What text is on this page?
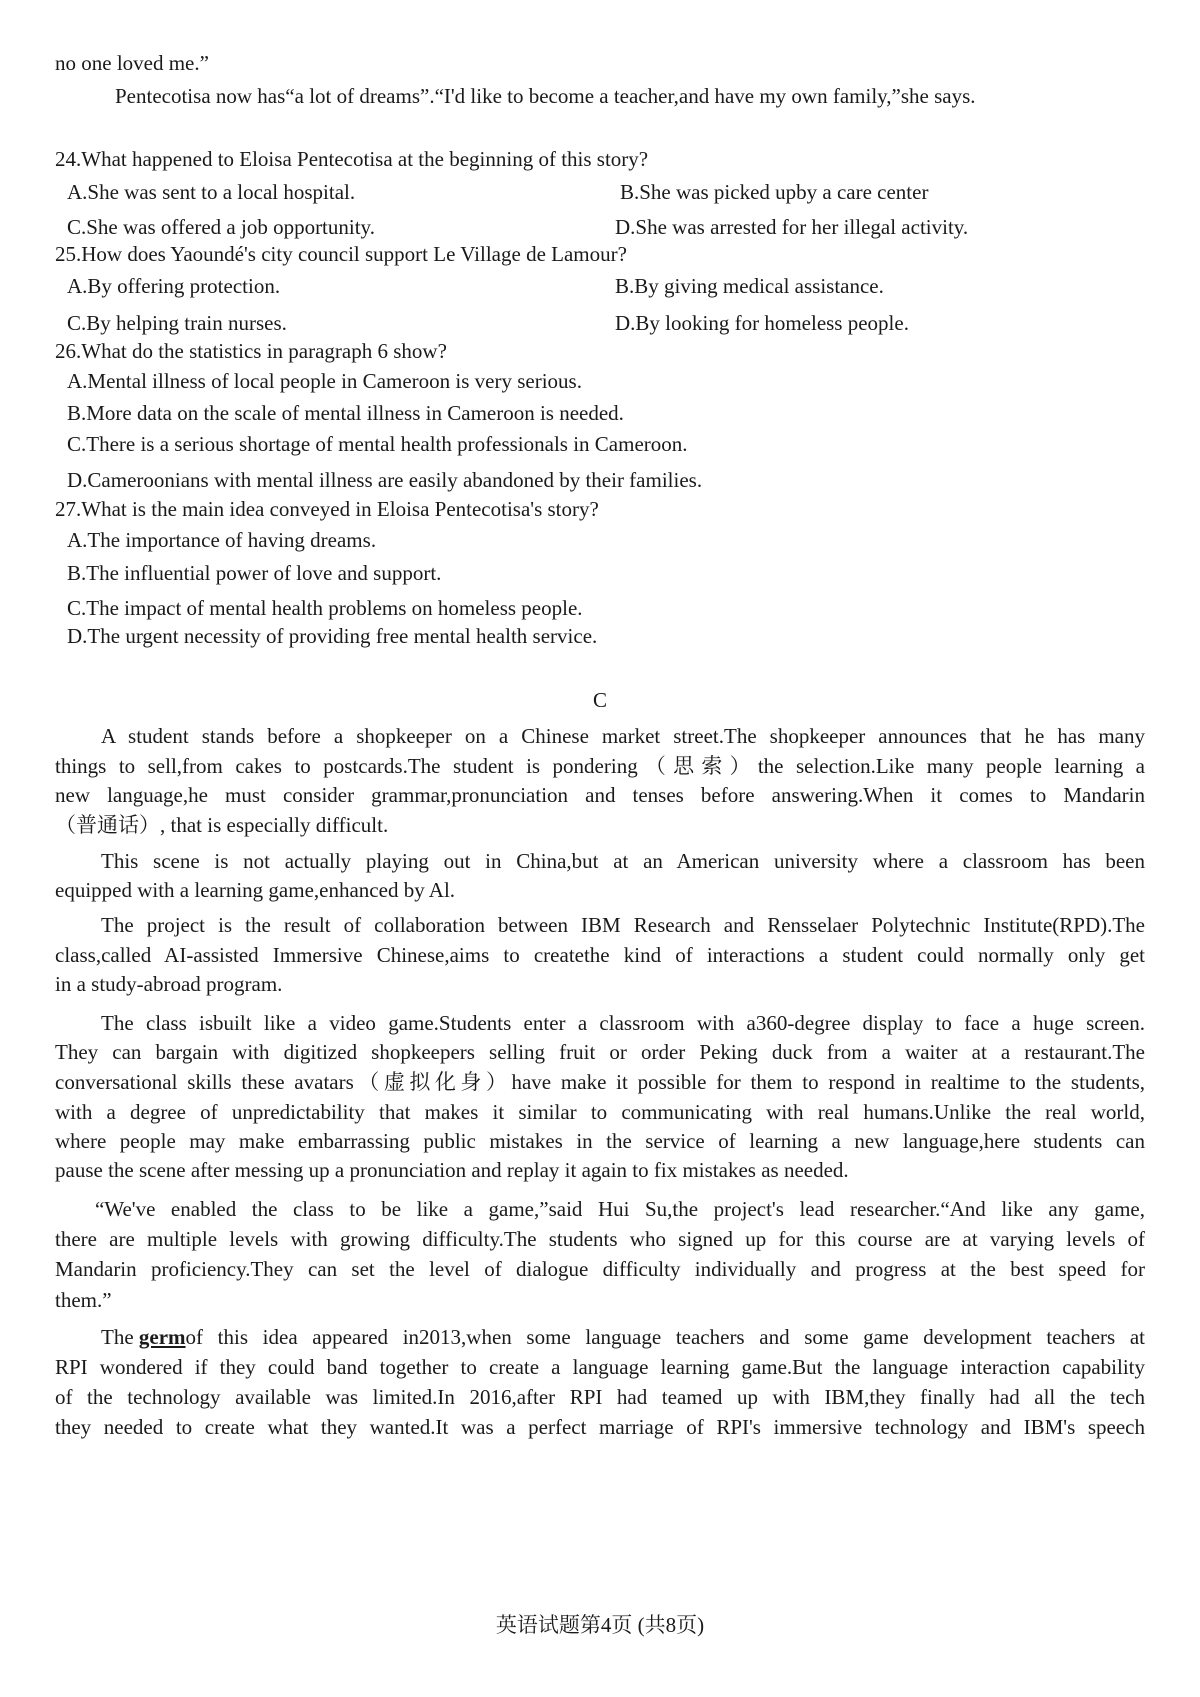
no one loved me.”
Pentecotisa now has“a lot of dreams”.“I'd like to become a teacher,and have my own family,”she says.
24.What happened to Eloisa Pentecotisa at the beginning of this story?
A.She was sent to a local hospital.	B.She was picked upby a care center
C.She was offered a job opportunity.	D.She was arrested for her illegal activity.
25.How does Yaoundé's city council support Le Village de Lamour?
A.By offering protection.	B.By giving medical assistance.
C.By helping train nurses.	D.By looking for homeless people.
26.What do the statistics in paragraph 6 show?
A.Mental illness of local people in Cameroon is very serious.
B.More data on the scale of mental illness in Cameroon is needed.
C.There is a serious shortage of mental health professionals in Cameroon.
D.Cameroonians with mental illness are easily abandoned by their families.
27.What is the main idea conveyed in Eloisa Pentecotisa's story?
A.The importance of having dreams.
B.The influential power of love and support.
C.The impact of mental health problems on homeless people.
D.The urgent necessity of providing free mental health service.
C
A student stands before a shopkeeper on a Chinese market street.The shopkeeper announces that he has many
things to sell,from cakes to postcards.The student is pondering（思索）the selection.Like many people learning a
new language,he must consider grammar,pronunciation and tenses before answering.When it comes to Mandarin
（普通话）, that is especially difficult.
This scene is not actually playing out in China,but at an American university where a classroom has been
equipped with a learning game,enhanced by Al.
The project is the result of collaboration between IBM Research and Rensselaer Polytechnic Institute(RPD).The
class,called AI-assisted Immersive Chinese,aims to createthe kind of interactions a student could normally only get
in a study-abroad program.
The class isbuilt like a video game.Students enter a classroom with a360-degree display to face a huge screen.
They can bargain with digitized shopkeepers selling fruit or order Peking duck from a waiter at a restaurant.The
conversational skills these avatars（虚拟化身）have make it possible for them to respond in realtime to the students,
with a degree of unpredictability that makes it similar to communicating with real humans.Unlike the real world,
where people may make embarrassing public mistakes in the service of learning a new language,here students can
pause the scene after messing up a pronunciation and replay it again to fix mistakes as needed.
“We've enabled the class to be like a game,”said Hui Su,the project's lead researcher.“And like any game,
there are multiple levels with growing difficulty.The students who signed up for this course are at varying levels of
Mandarin proficiency.They can set the level of dialogue difficulty individually and progress at the best speed for
them.”
The germ of this idea appeared in2013,when some language teachers and some game development teachers at
RPI wondered if they could band together to create a language learning game.But the language interaction capability
of the technology available was limited.In 2016,after RPI had teamed up with IBM,they finally had all the tech
they needed to create what they wanted.It was a perfect marriage of RPI's immersive technology and IBM's speech
英语试题第4页 (共8页)
